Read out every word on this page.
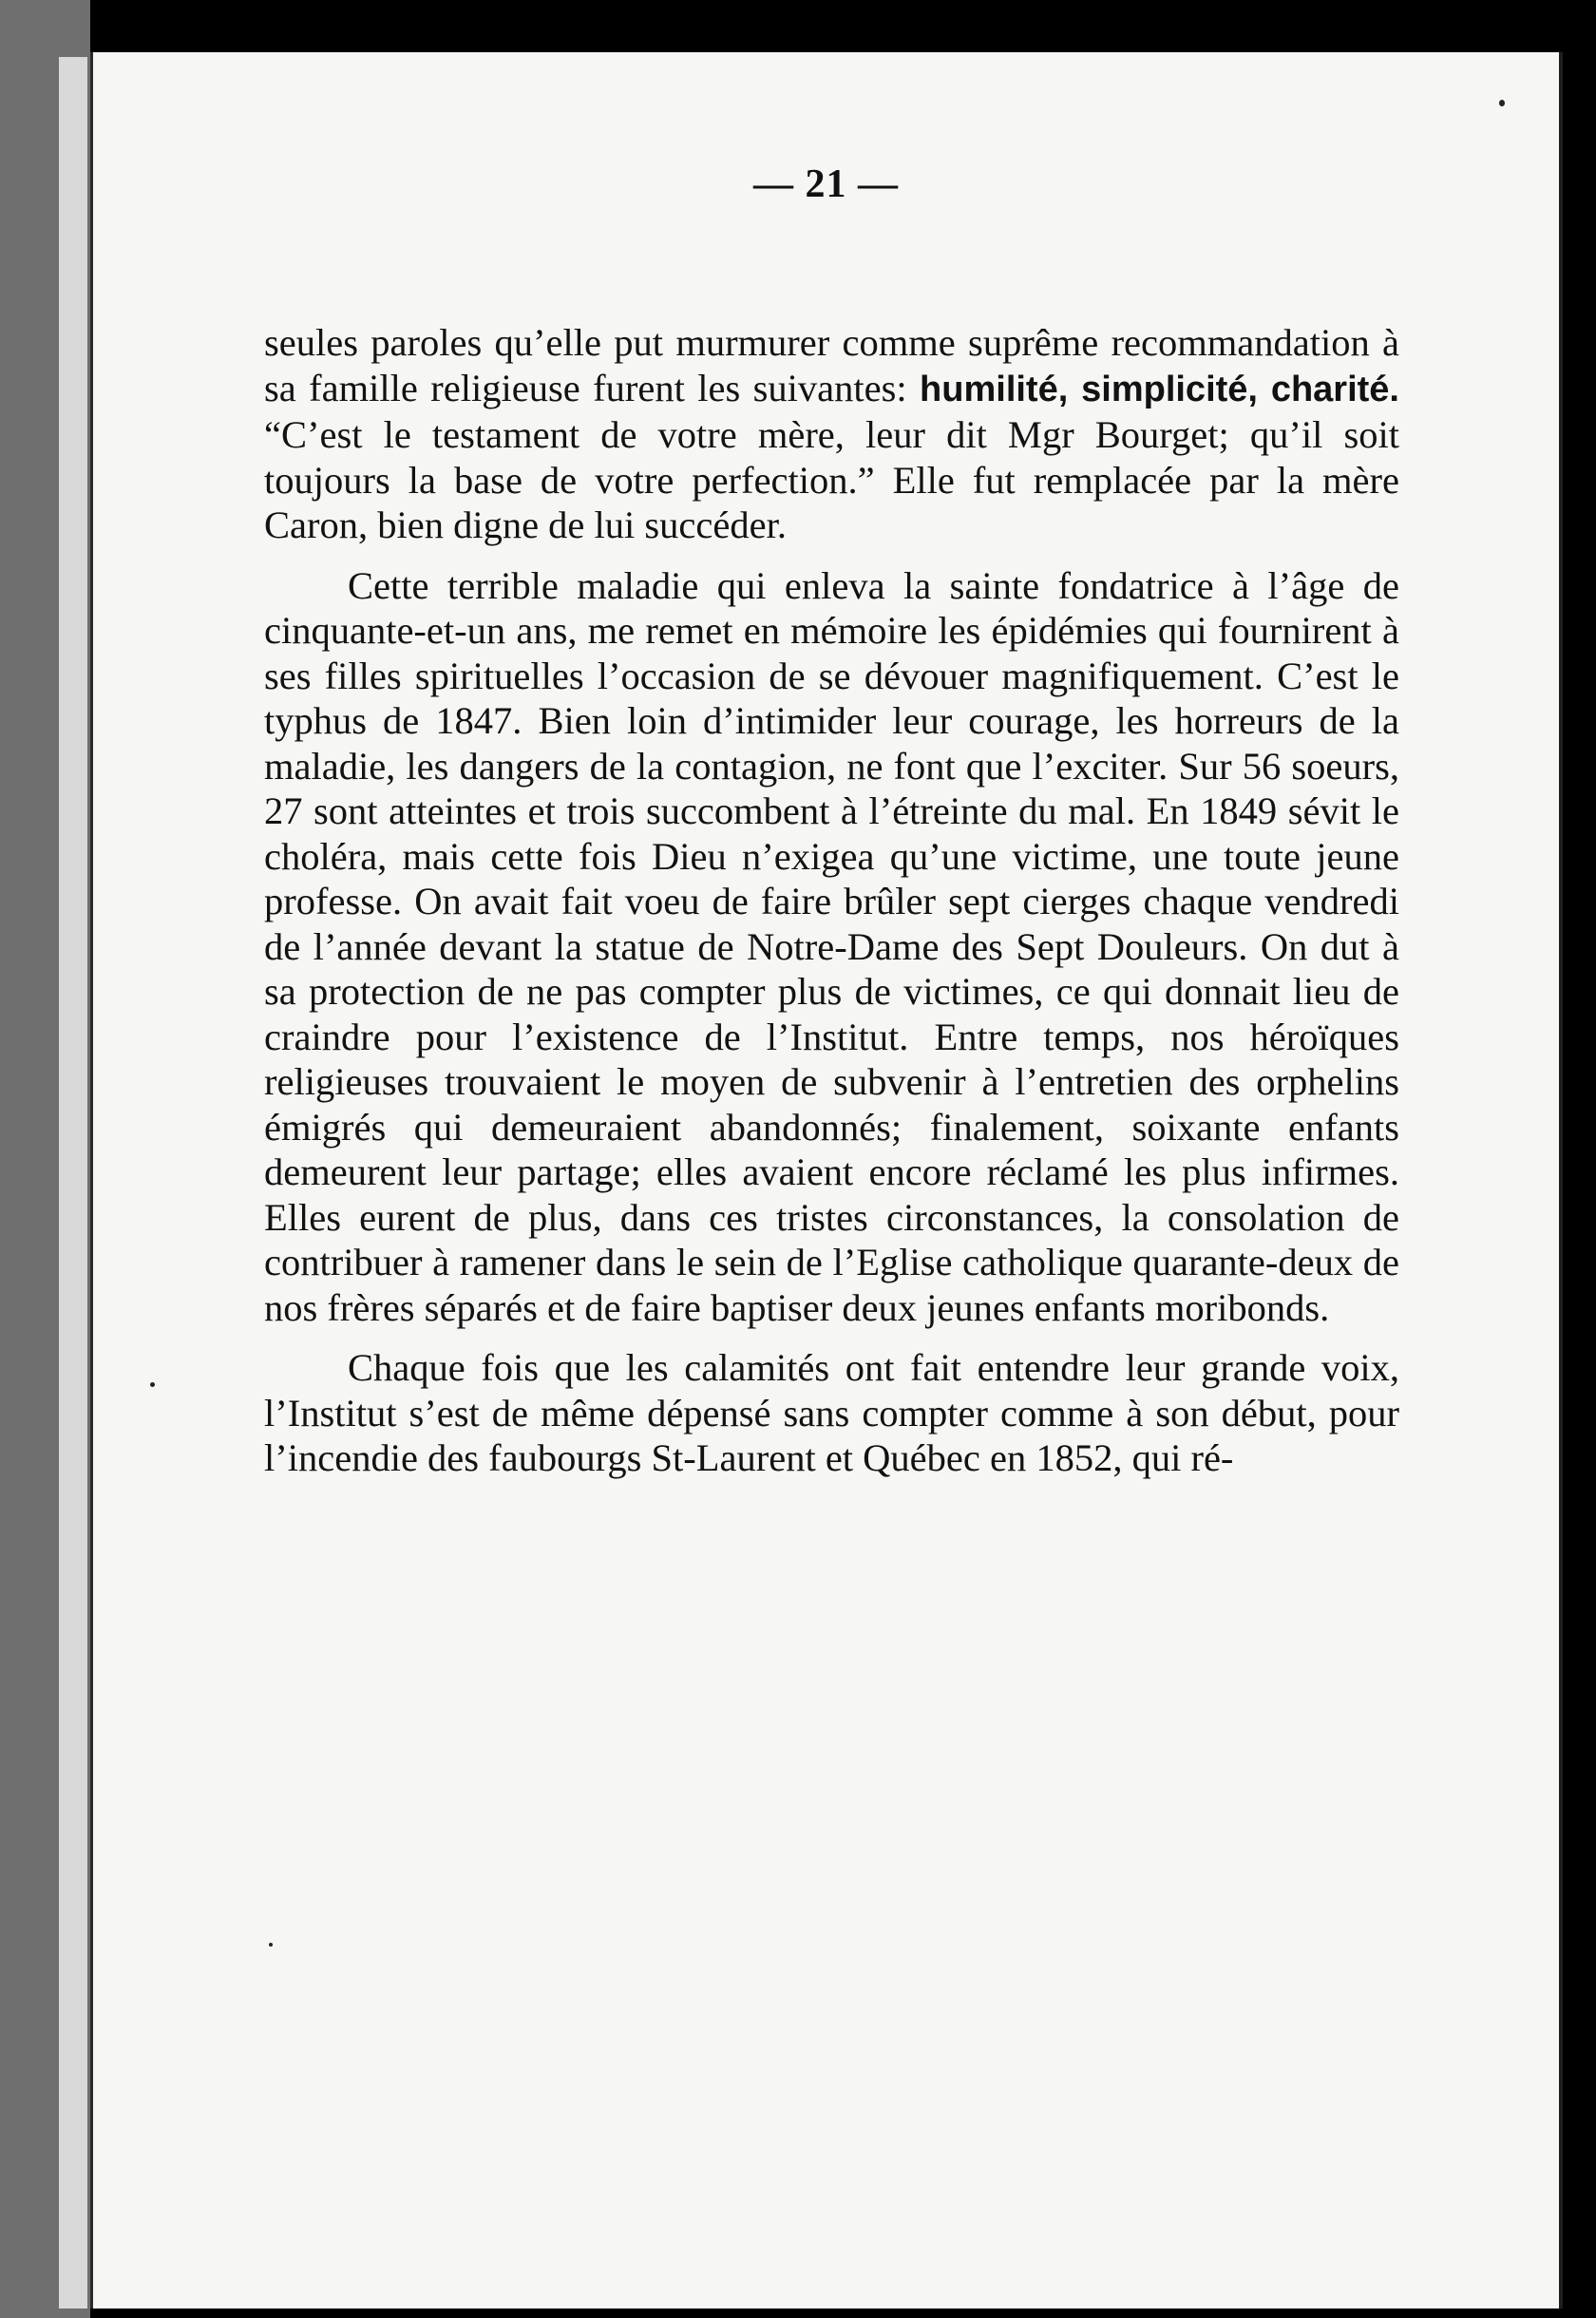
— 21 —

seules paroles qu’elle put murmurer comme suprême recommandation à sa famille religieuse furent les suivantes: humilité, simplicité, charité. “C’est le testament de votre mère, leur dit Mgr Bourget; qu’il soit toujours la base de votre perfection.” Elle fut remplacée par la mère Caron, bien digne de lui succéder.

Cette terrible maladie qui enleva la sainte fondatrice à l’âge de cinquante-et-un ans, me remet en mémoire les épidémies qui fournirent à ses filles spirituelles l’occasion de se dévouer magnifiquement. C’est le typhus de 1847. Bien loin d’intimider leur courage, les horreurs de la maladie, les dangers de la contagion, ne font que l’exciter. Sur 56 soeurs, 27 sont atteintes et trois succombent à l’étreinte du mal. En 1849 sévit le choléra, mais cette fois Dieu n’exigea qu’une victime, une toute jeune professe. On avait fait voeu de faire brûler sept cierges chaque vendredi de l’année devant la statue de Notre-Dame des Sept Douleurs. On dut à sa protection de ne pas compter plus de victimes, ce qui donnait lieu de craindre pour l’existence de l’Institut. Entre temps, nos héroïques religieuses trouvaient le moyen de subvenir à l’entretien des orphelins émigrés qui demeuraient abandonnés; finalement, soixante enfants demeurent leur partage; elles avaient encore réclamé les plus infirmes. Elles eurent de plus, dans ces tristes circonstances, la consolation de contribuer à ramener dans le sein de l’Eglise catholique quarante-deux de nos frères séparés et de faire baptiser deux jeunes enfants moribonds.

Chaque fois que les calamités ont fait entendre leur grande voix, l’Institut s’est de même dépensé sans compter comme à son début, pour l’incendie des faubourgs St-Laurent et Québec en 1852, qui ré-
